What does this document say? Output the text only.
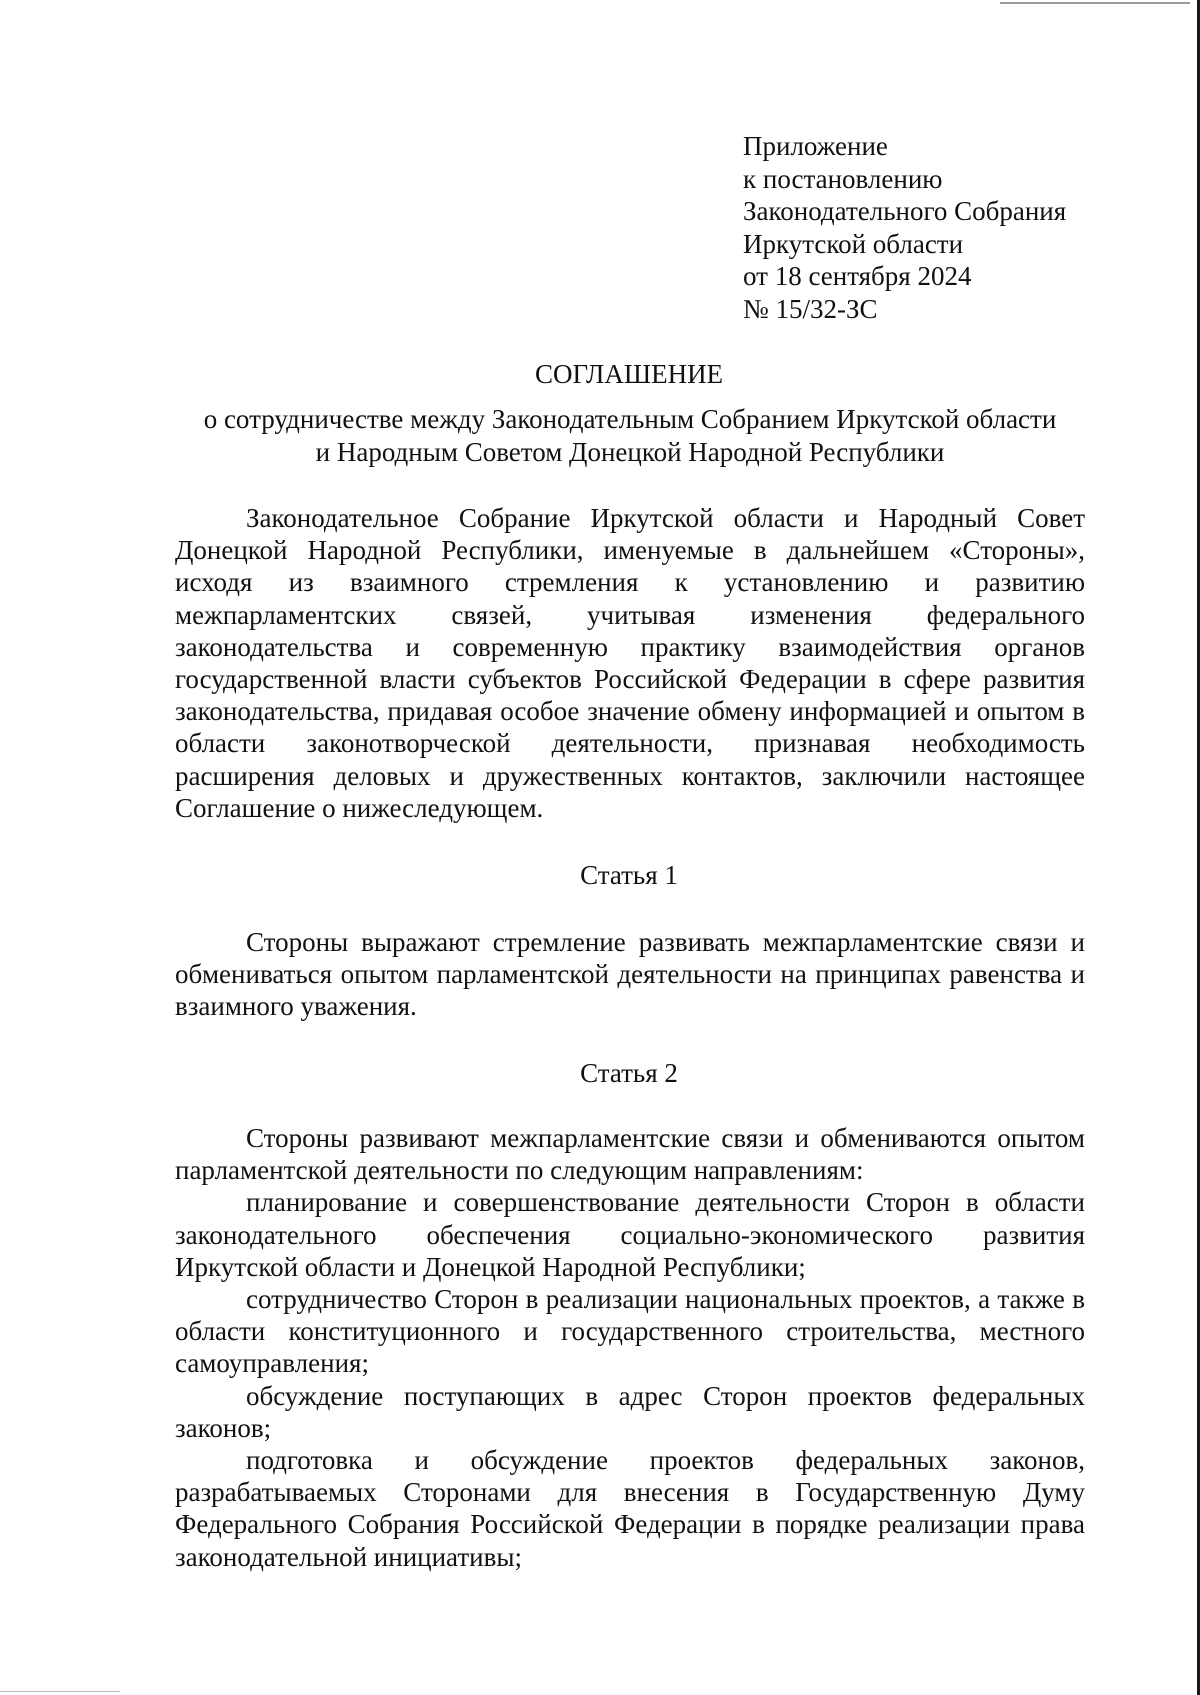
Приложение
к постановлению
Законодательного Собрания
Иркутской области
от 18 сентября 2024
№ 15/32-ЗС
СОГЛАШЕНИЕ
о сотрудничестве между Законодательным Собранием Иркутской области
и Народным Советом Донецкой Народной Республики

Законодательное Собрание Иркутской области и Народный Совет Донецкой Народной Республики, именуемые в дальнейшем «Стороны», исходя из взаимного стремления к установлению и развитию межпарламентских связей, учитывая изменения федерального законодательства и современную практику взаимодействия органов государственной власти субъектов Российской Федерации в сфере развития законодательства, придавая особое значение обмену информацией и опытом в области законотворческой деятельности, признавая необходимость расширения деловых и дружественных контактов, заключили настоящее Соглашение о нижеследующем.

Статья 1

Стороны выражают стремление развивать межпарламентские связи и обмениваться опытом парламентской деятельности на принципах равенства и взаимного уважения.

Статья 2

Стороны развивают межпарламентские связи и обмениваются опытом парламентской деятельности по следующим направлениям:

планирование и совершенствование деятельности Сторон в области законодательного обеспечения социально-экономического развития Иркутской области и Донецкой Народной Республики;

сотрудничество Сторон в реализации национальных проектов, а также в области конституционного и государственного строительства, местного самоуправления;

обсуждение поступающих в адрес Сторон проектов федеральных законов;

подготовка и обсуждение проектов федеральных законов, разрабатываемых Сторонами для внесения в Государственную Думу Федерального Собрания Российской Федерации в порядке реализации права законодательной инициативы;
